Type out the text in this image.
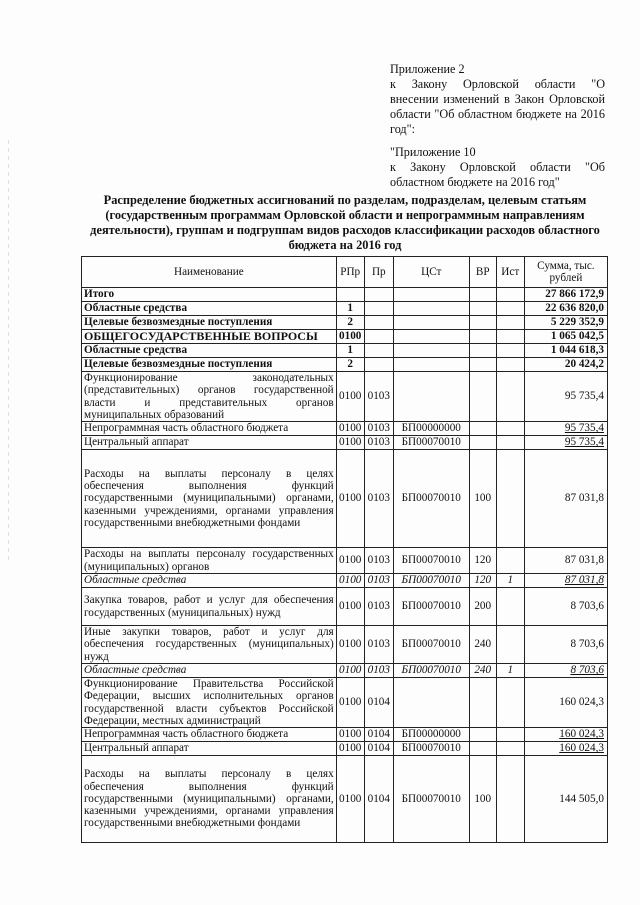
Приложение 2

к Закону Орловской области "О внесении изменений в Закон Орловской области "Об областном бюджете на 2016 год":

"Приложение 10

к Закону Орловской области "Об областном бюджете на 2016 год"

Распределение бюджетных ассигнований по разделам, подразделам, целевым статьям (государственным программам Орловской области и непрограммным направлениям деятельности), группам и подгруппам видов расходов классификации расходов областного бюджета на 2016 год
Наименование	РПр	Пр	ЦСт	ВР	Ист	Сумма, тыс. рублей
Итого						27 866 172,9
Областные средства	1					22 636 820,0
Целевые безвозмездные поступления	2					5 229 352,9
ОБЩЕГОСУДАРСТВЕННЫЕ ВОПРОСЫ	0100					1 065 042,5
Областные средства	1					1 044 618,3
Целевые безвозмездные поступления	2					20 424,2
Функционирование законодательных (представительных) органов государственной власти и представительных органов муниципальных образований	0100	0103				95 735,4
Непрограммная часть областного бюджета	0100	0103	БП00000000			95 735,4
Центральный аппарат	0100	0103	БП00070010			95 735,4
Расходы на выплаты персоналу в целях обеспечения выполнения функций государственными (муниципальными) органами, казенными учреждениями, органами управления государственными внебюджетными фондами	0100	0103	БП00070010	100		87 031,8
Расходы на выплаты персоналу государственных (муниципальных) органов	0100	0103	БП00070010	120		87 031,8
Областные средства	0100	0103	БП00070010	120	1	87 031,8
Закупка товаров, работ и услуг для обеспечения государственных (муниципальных) нужд	0100	0103	БП00070010	200		8 703,6
Иные закупки товаров, работ и услуг для обеспечения государственных (муниципальных) нужд	0100	0103	БП00070010	240		8 703,6
Областные средства	0100	0103	БП00070010	240	1	8 703,6
Функционирование Правительства Российской Федерации, высших исполнительных органов государственной власти субъектов Российской Федерации, местных администраций	0100	0104				160 024,3
Непрограммная часть областного бюджета	0100	0104	БП00000000			160 024,3
Центральный аппарат	0100	0104	БП00070010			160 024,3
Расходы на выплаты персоналу в целях обеспечения выполнения функций государственными (муниципальными) органами, казенными учреждениями, органами управления государственными внебюджетными фондами	0100	0104	БП00070010	100		144 505,0
